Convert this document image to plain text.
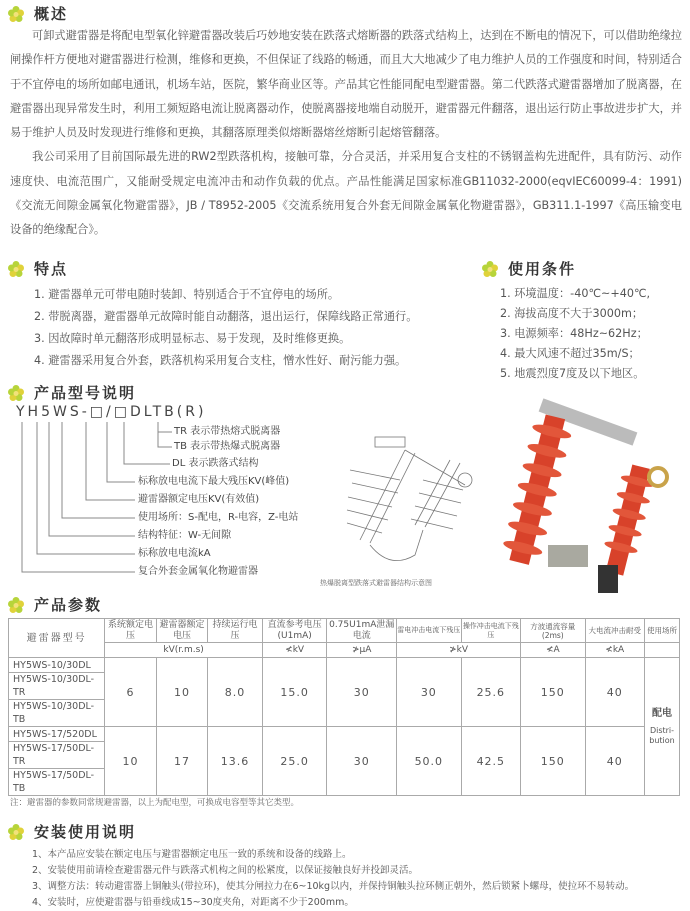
概述
可卸式避雷器是将配电型氧化锌避雷器改装后巧妙地安装在跌落式熔断器的跌落式结构上，达到在不断电的情况下，可以借助绝缘拉闸操作杆方便地对避雷器进行检测，维修和更换，不但保证了线路的畅通，而且大大地减少了电力维护人员的工作强度和时间，特别适合于不宜停电的场所如邮电通讯，机场车站，医院，繁华商业区等。产品其它性能同配电型避雷器。第二代跌落式避雷器增加了脱离器，在避雷器出现异常发生时，利用工频短路电流让脱离器动作，使脱离器接地端自动脱开，避雷器元件翻落，退出运行防止事故进步扩大，并易于维护人员及时发现进行维修和更换，其翻落原理类似熔断器熔丝熔断引起熔管翻落。
我公司采用了目前国际最先进的RW2型跌落机构，接触可靠，分合灵活，并采用复合支柱的不锈钢盖构先进配件，具有防污、动作速度快、电流范围广，又能耐受规定电流冲击和动作负载的优点。产品性能满足国家标准GB11032-2000(eqvIEC60099-4：1991)《交流无间隙金属氧化物避雷器》，JB / T8952-2005《交流系统用复合外套无间隙金属氧化物避雷器》，GB311.1-1997《高压输变电设备的绝缘配合》。
特点
1. 避雷器单元可带电随时装卸、特别适合于不宜停电的场所。
2. 带脱离器，避雷器单元故障时能自动翻落，退出运行，保障线路正常通行。
3. 因故障时单元翻落形成明显标志、易于发现，及时维修更换。
4. 避雷器采用复合外套，跌落机构采用复合支柱，憎水性好、耐污能力强。
使用条件
1. 环境温度：-40℃~+40℃,
2. 海拔高度不大于3000m；
3. 电源频率：48Hz~62Hz；
4. 最大风速不超过35m/S；
5. 地震烈度7度及以下地区。
产品型号说明
YH5WS-□/□DLTB(R)
TR 表示带热熔式脱离器
TB 表示带热爆式脱离器
DL 表示跌落式结构
标称放电电流下最大残压KV(峰值)
避雷器额定电压KV(有效值)
使用场所：S-配电，R-电容，Z-电站
结构特征：W-无间隙
标称放电电流kA
复合外套金属氧化物避雷器
热爆脱离型跌落式避雷器结构示意图
产品参数
避雷器型号	系统额定电压	避雷器额定电压	持续运行电压	直流参考电压(U1mA)	0.75U1mA泄漏电流	雷电冲击电流下残压	操作冲击电流下残压	方波通流容量(2ms)	大电流冲击耐受	使用场所
	kV(r.m.s)			≮kV	≯μA	≯kV		≮A	≮kA	
HY5WS-10/30DL	6	10	8.0	15.0	30	30	25.6	150	40	配电
Distri-bution

HY5WS-10/30DL-TR										
HY5WS-10/30DL-TB										
HY5WS-17/520DL	10	17	13.6	25.0	30	50.0	42.5	150	40	
HY5WS-17/50DL-TR										
HY5WS-17/50DL-TB										
注：避雷器的参数同常规避雷器，以上为配电型，可换成电容型等其它类型。
安装使用说明
1、本产品应安装在额定电压与避雷器额定电压一致的系统和设备的线路上。
2、安装使用前请检查避雷器元件与跌落式机构之间的松紧度，以保证接触良好并投卸灵活。
3、调整方法：转动避雷器上铜触头(带拉环)，使其分闸拉力在6~10kg以内，并保持铜触头拉环侧正朝外，然后锁紧卜螺母，使拉环不易转动。
4、安装时，应使避雷器与铅垂线成15~30度夹角，对距离不少于200mm。
